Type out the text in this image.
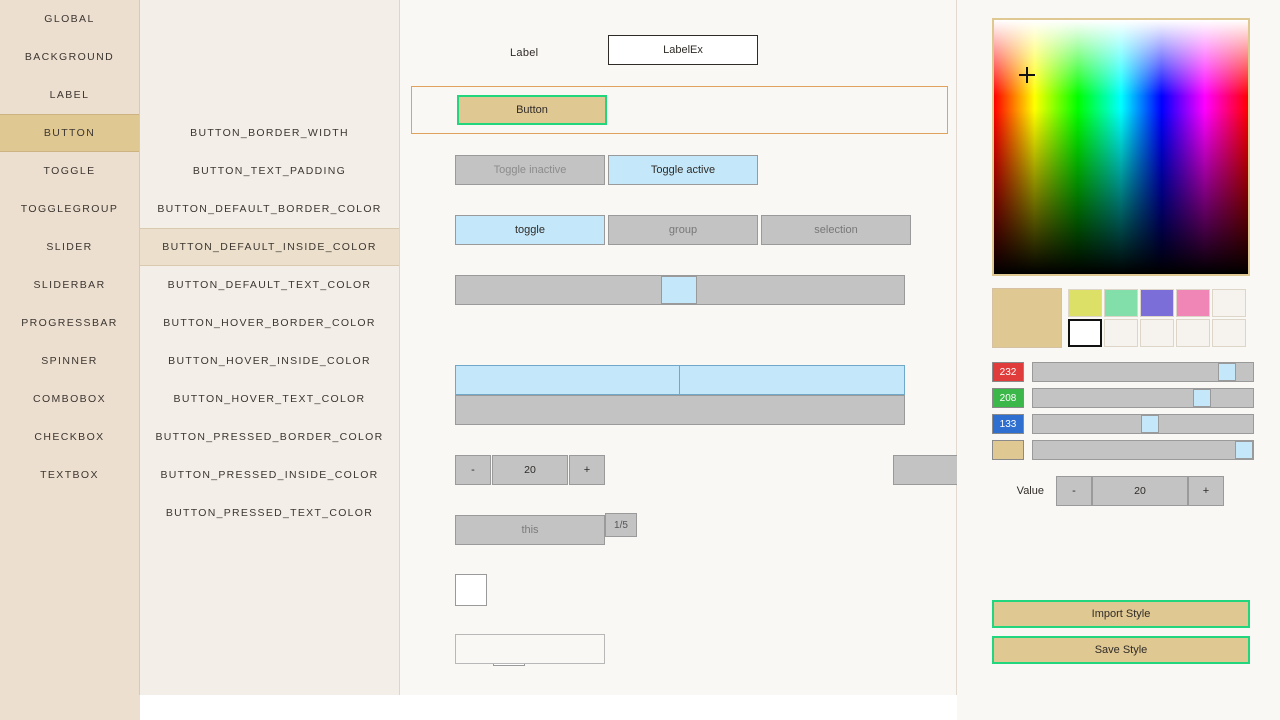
GLOBAL
BACKGROUND
LABEL
BUTTON
TOGGLE
TOGGLEGROUP
SLIDER
SLIDERBAR
PROGRESSBAR
SPINNER
COMBOBOX
CHECKBOX
TEXTBOX
BUTTON_BORDER_WIDTH
BUTTON_TEXT_PADDING
BUTTON_DEFAULT_BORDER_COLOR
BUTTON_DEFAULT_INSIDE_COLOR
BUTTON_DEFAULT_TEXT_COLOR
BUTTON_HOVER_BORDER_COLOR
BUTTON_HOVER_INSIDE_COLOR
BUTTON_HOVER_TEXT_COLOR
BUTTON_PRESSED_BORDER_COLOR
BUTTON_PRESSED_INSIDE_COLOR
BUTTON_PRESSED_TEXT_COLOR
Label	LabelEx
Button
Toggle inactive	Toggle active
toggle	group	selection
-	20	+
this	1/5
232
208
133
Value	-	20	+
Import Style
Save Style
